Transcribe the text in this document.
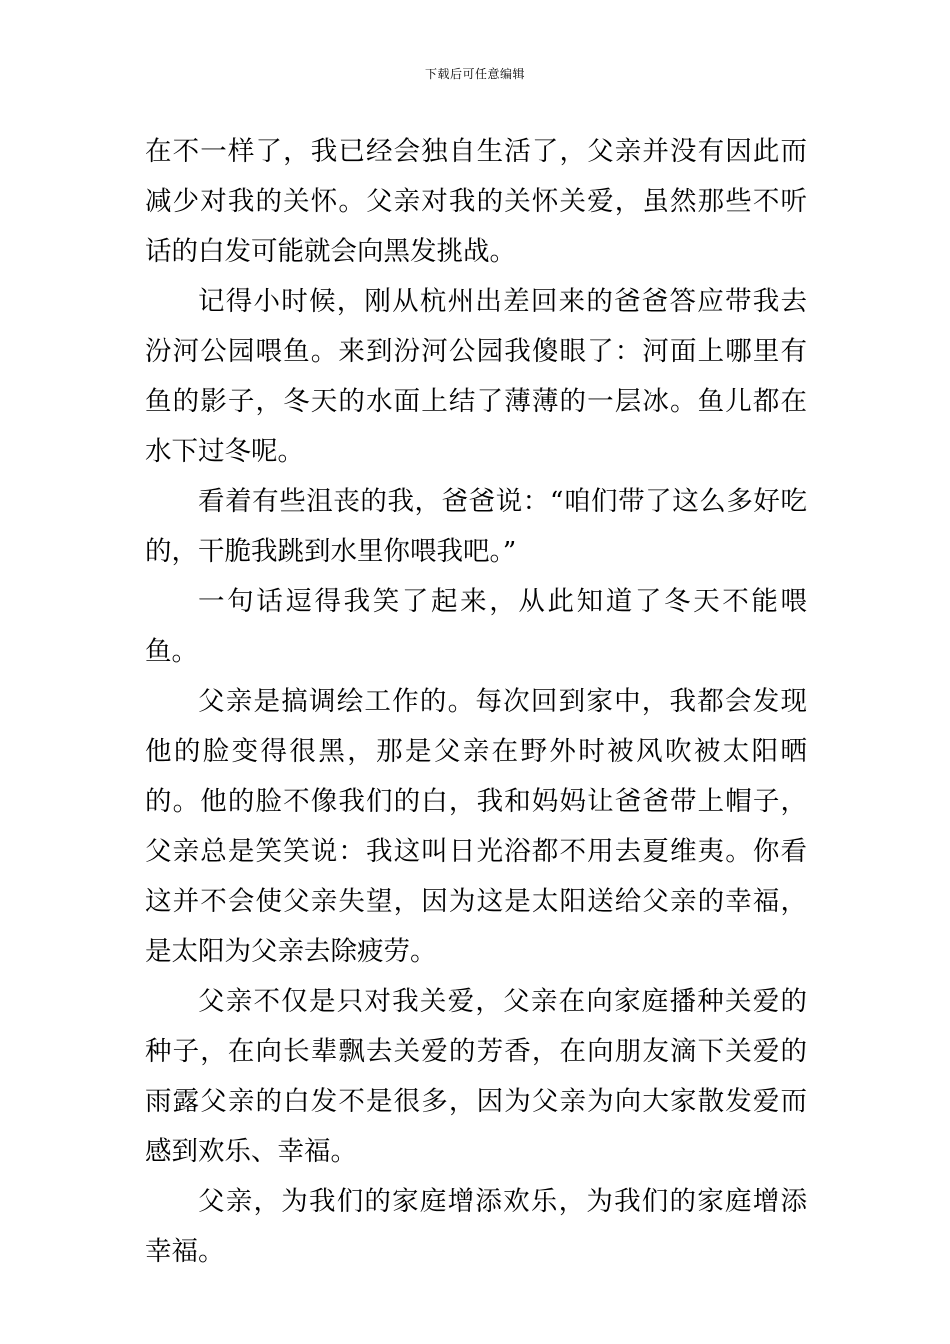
下载后可任意编辑

在不一样了，我已经会独自生活了，父亲并没有因此而减少对我的关怀。父亲对我的关怀关爱，虽然那些不听话的白发可能就会向黑发挑战。

记得小时候，刚从杭州出差回来的爸爸答应带我去汾河公园喂鱼。来到汾河公园我傻眼了：河面上哪里有鱼的影子，冬天的水面上结了薄薄的一层冰。鱼儿都在水下过冬呢。

看着有些沮丧的我，爸爸说：“咱们带了这么多好吃的，干脆我跳到水里你喂我吧。”

一句话逗得我笑了起来，从此知道了冬天不能喂鱼。

父亲是搞调绘工作的。每次回到家中，我都会发现他的脸变得很黑，那是父亲在野外时被风吹被太阳晒的。他的脸不像我们的白，我和妈妈让爸爸带上帽子，父亲总是笑笑说：我这叫日光浴都不用去夏维夷。你看这并不会使父亲失望，因为这是太阳送给父亲的幸福，是太阳为父亲去除疲劳。

父亲不仅是只对我关爱，父亲在向家庭播种关爱的种子，在向长辈飘去关爱的芳香，在向朋友滴下关爱的雨露父亲的白发不是很多，因为父亲为向大家散发爱而感到欢乐、幸福。

父亲，为我们的家庭增添欢乐，为我们的家庭增添幸福。
